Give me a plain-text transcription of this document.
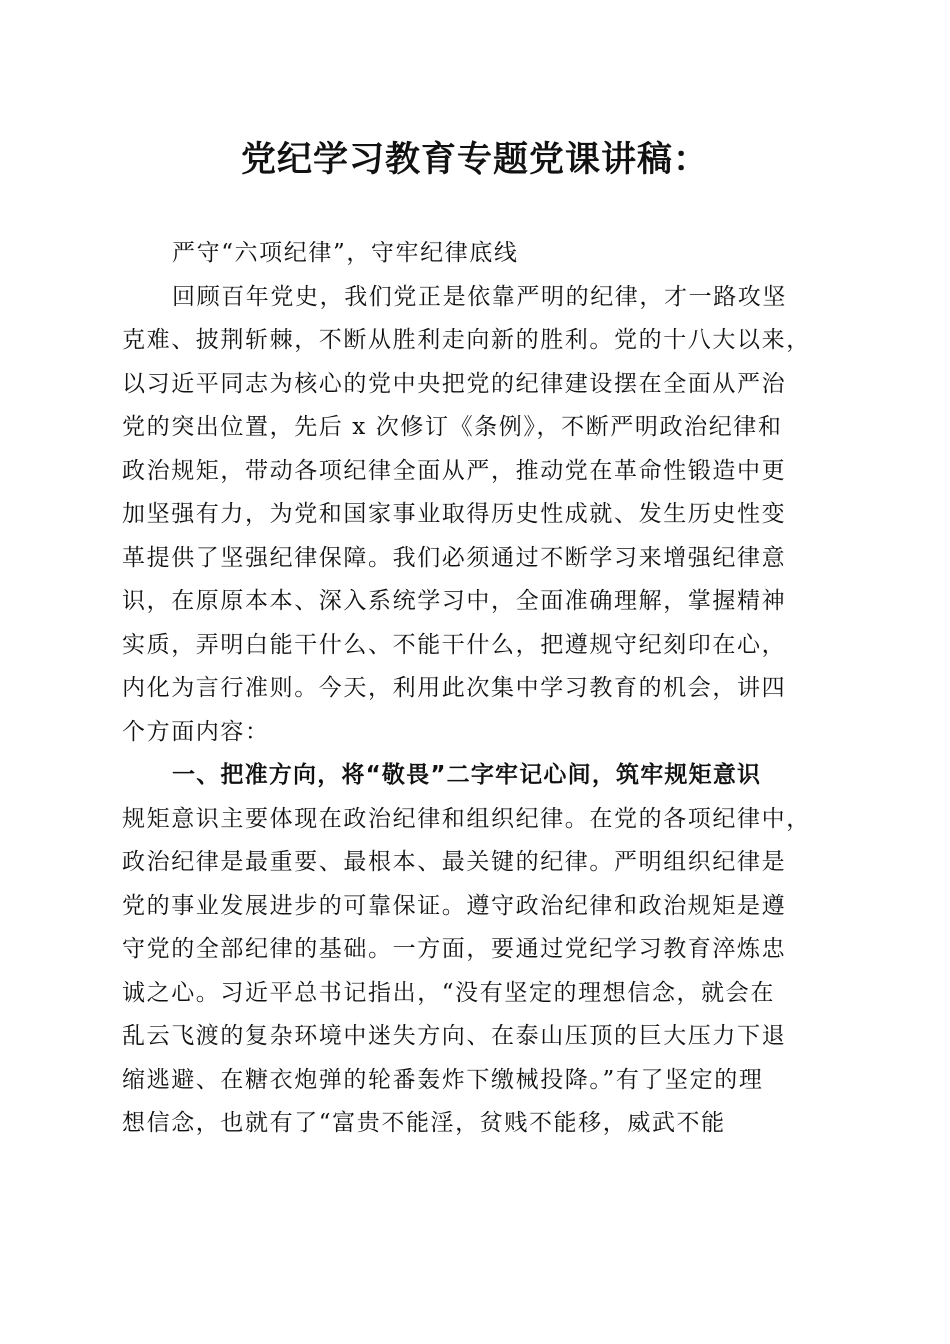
党纪学习教育专题党课讲稿：
严守“六项纪律”，守牢纪律底线
回顾百年党史，我们党正是依靠严明的纪律，才一路攻坚
克难、披荆斩棘，不断从胜利走向新的胜利。党的十八大以来，
以习近平同志为核心的党中央把党的纪律建设摆在全面从严治
党的突出位置，先后 x 次修订《条例》，不断严明政治纪律和
政治规矩，带动各项纪律全面从严，推动党在革命性锻造中更
加坚强有力，为党和国家事业取得历史性成就、发生历史性变
革提供了坚强纪律保障。我们必须通过不断学习来增强纪律意
识，在原原本本、深入系统学习中，全面准确理解，掌握精神
实质，弄明白能干什么、不能干什么，把遵规守纪刻印在心，
内化为言行准则。今天，利用此次集中学习教育的机会，讲四
个方面内容：
一、把准方向，将“敬畏”二字牢记心间，筑牢规矩意识
规矩意识主要体现在政治纪律和组织纪律。在党的各项纪律中，
政治纪律是最重要、最根本、最关键的纪律。严明组织纪律是
党的事业发展进步的可靠保证。遵守政治纪律和政治规矩是遵
守党的全部纪律的基础。一方面，要通过党纪学习教育淬炼忠
诚之心。习近平总书记指出，“没有坚定的理想信念，就会在
乱云飞渡的复杂环境中迷失方向、在泰山压顶的巨大压力下退
缩逃避、在糖衣炮弹的轮番轰炸下缴械投降。”有了坚定的理
想信念，也就有了“富贵不能淫，贫贱不能移，威武不能
